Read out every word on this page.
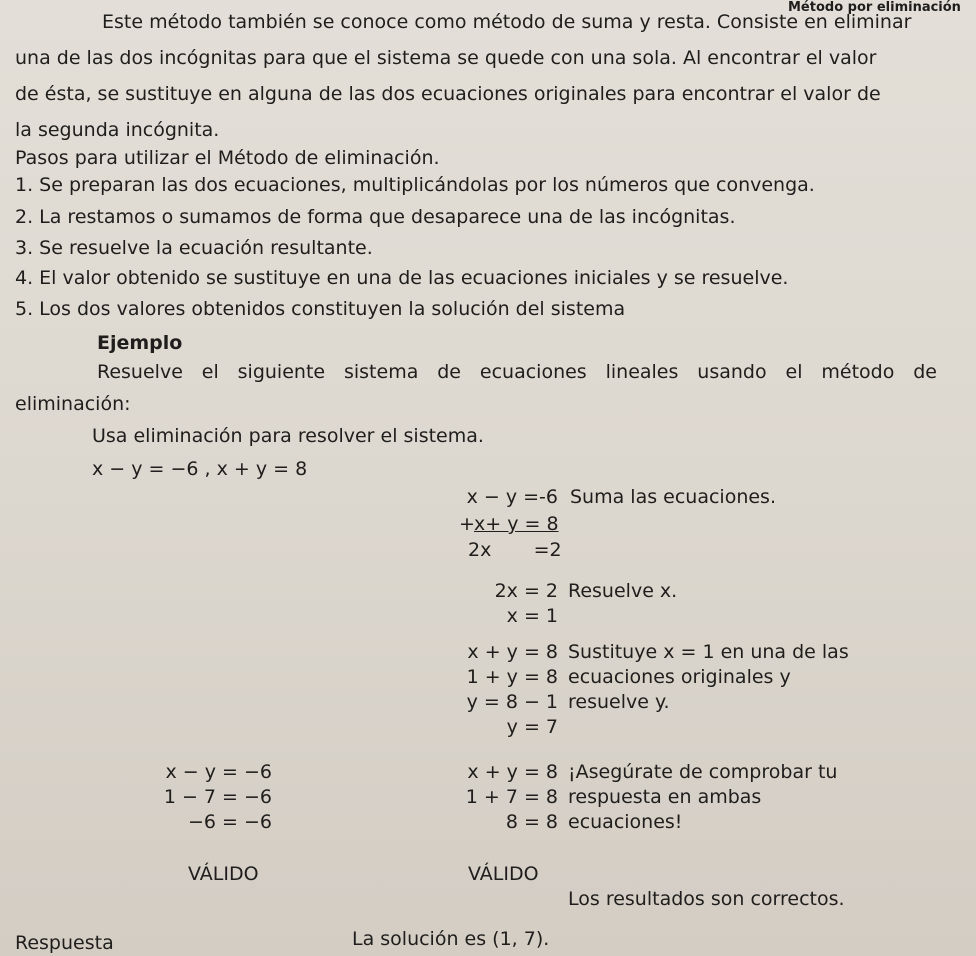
Método por eliminación
Este método también se conoce como método de suma y resta. Consiste en eliminar
una de las dos incógnitas para que el sistema se quede con una sola. Al encontrar el valor
de ésta, se sustituye en alguna de las dos ecuaciones originales para encontrar el valor de
la segunda incógnita.
Pasos para utilizar el Método de eliminación.
1. Se preparan las dos ecuaciones, multiplicándolas por los números que convenga.
2. La restamos o sumamos de forma que desaparece una de las incógnitas.
3. Se resuelve la ecuación resultante.
4. El valor obtenido se sustituye en una de las ecuaciones iniciales y se resuelve.
5. Los dos valores obtenidos constituyen la solución del sistema
Ejemplo
Resuelve el siguiente sistema de ecuaciones lineales usando el método de
eliminación:
Usa eliminación para resolver el sistema.
x − y = −6 , x + y = 8
x − y =-6
+ x+ y = 8
2x       =2
Suma las ecuaciones.
2x = 2
x = 1
Resuelve x.
x + y = 8
1 + y = 8
y = 8 − 1
y = 7
Sustituye x = 1 en una de las
ecuaciones originales y
resuelve y.
x − y = −6
1 − 7 = −6
−6 = −6
VÁLIDO
x + y = 8
1 + 7 = 8
8 = 8
VÁLIDO
¡Asegúrate de comprobar tu
respuesta en ambas
ecuaciones!
Los resultados son correctos.
Respuesta	La solución es (1, 7).
